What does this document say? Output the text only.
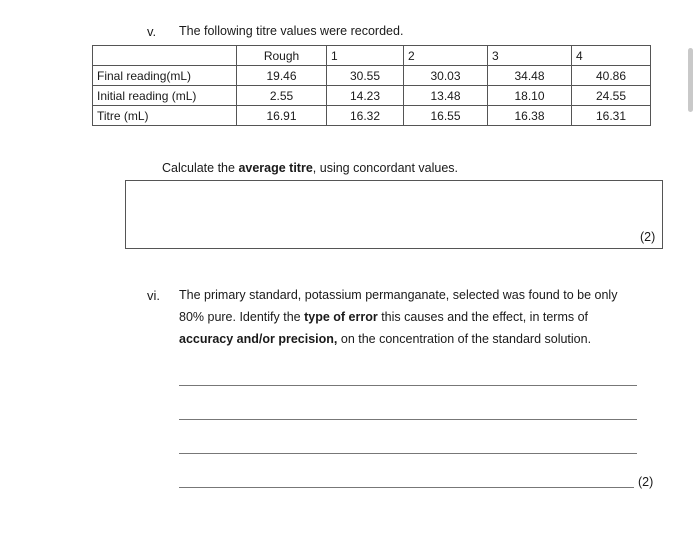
v. The following titre values were recorded.
	Rough	1	2	3	4
Final reading(mL)	19.46	30.55	30.03	34.48	40.86
Initial reading (mL)	2.55	14.23	13.48	18.10	24.55
Titre (mL)	16.91	16.32	16.55	16.38	16.31
Calculate the average titre, using concordant values.
(2)
vi. The primary standard, potassium permanganate, selected was found to be only
80% pure. Identify the type of error this causes and the effect, in terms of
accuracy and/or precision, on the concentration of the standard solution.
(2)
